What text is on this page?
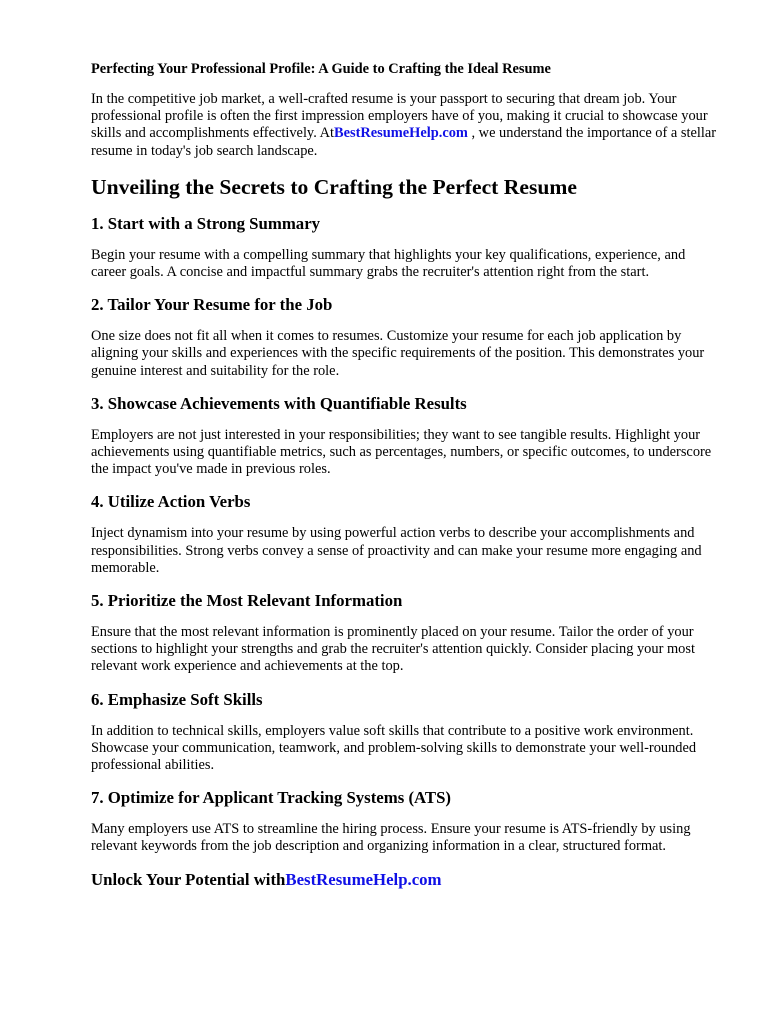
Perfecting Your Professional Profile: A Guide to Crafting the Ideal Resume

In the competitive job market, a well-crafted resume is your passport to securing that dream job. Your professional profile is often the first impression employers have of you, making it crucial to showcase your skills and accomplishments effectively. AtBestResumeHelp.com , we understand the importance of a stellar resume in today's job search landscape.

Unveiling the Secrets to Crafting the Perfect Resume
1. Start with a Strong Summary

Begin your resume with a compelling summary that highlights your key qualifications, experience, and career goals. A concise and impactful summary grabs the recruiter's attention right from the start.

2. Tailor Your Resume for the Job

One size does not fit all when it comes to resumes. Customize your resume for each job application by aligning your skills and experiences with the specific requirements of the position. This demonstrates your genuine interest and suitability for the role.

3. Showcase Achievements with Quantifiable Results

Employers are not just interested in your responsibilities; they want to see tangible results. Highlight your achievements using quantifiable metrics, such as percentages, numbers, or specific outcomes, to underscore the impact you've made in previous roles.

4. Utilize Action Verbs

Inject dynamism into your resume by using powerful action verbs to describe your accomplishments and responsibilities. Strong verbs convey a sense of proactivity and can make your resume more engaging and memorable.

5. Prioritize the Most Relevant Information

Ensure that the most relevant information is prominently placed on your resume. Tailor the order of your sections to highlight your strengths and grab the recruiter's attention quickly. Consider placing your most relevant work experience and achievements at the top.

6. Emphasize Soft Skills

In addition to technical skills, employers value soft skills that contribute to a positive work environment. Showcase your communication, teamwork, and problem-solving skills to demonstrate your well-rounded professional abilities.

7. Optimize for Applicant Tracking Systems (ATS)

Many employers use ATS to streamline the hiring process. Ensure your resume is ATS-friendly by using relevant keywords from the job description and organizing information in a clear, structured format.

Unlock Your Potential withBestResumeHelp.com
